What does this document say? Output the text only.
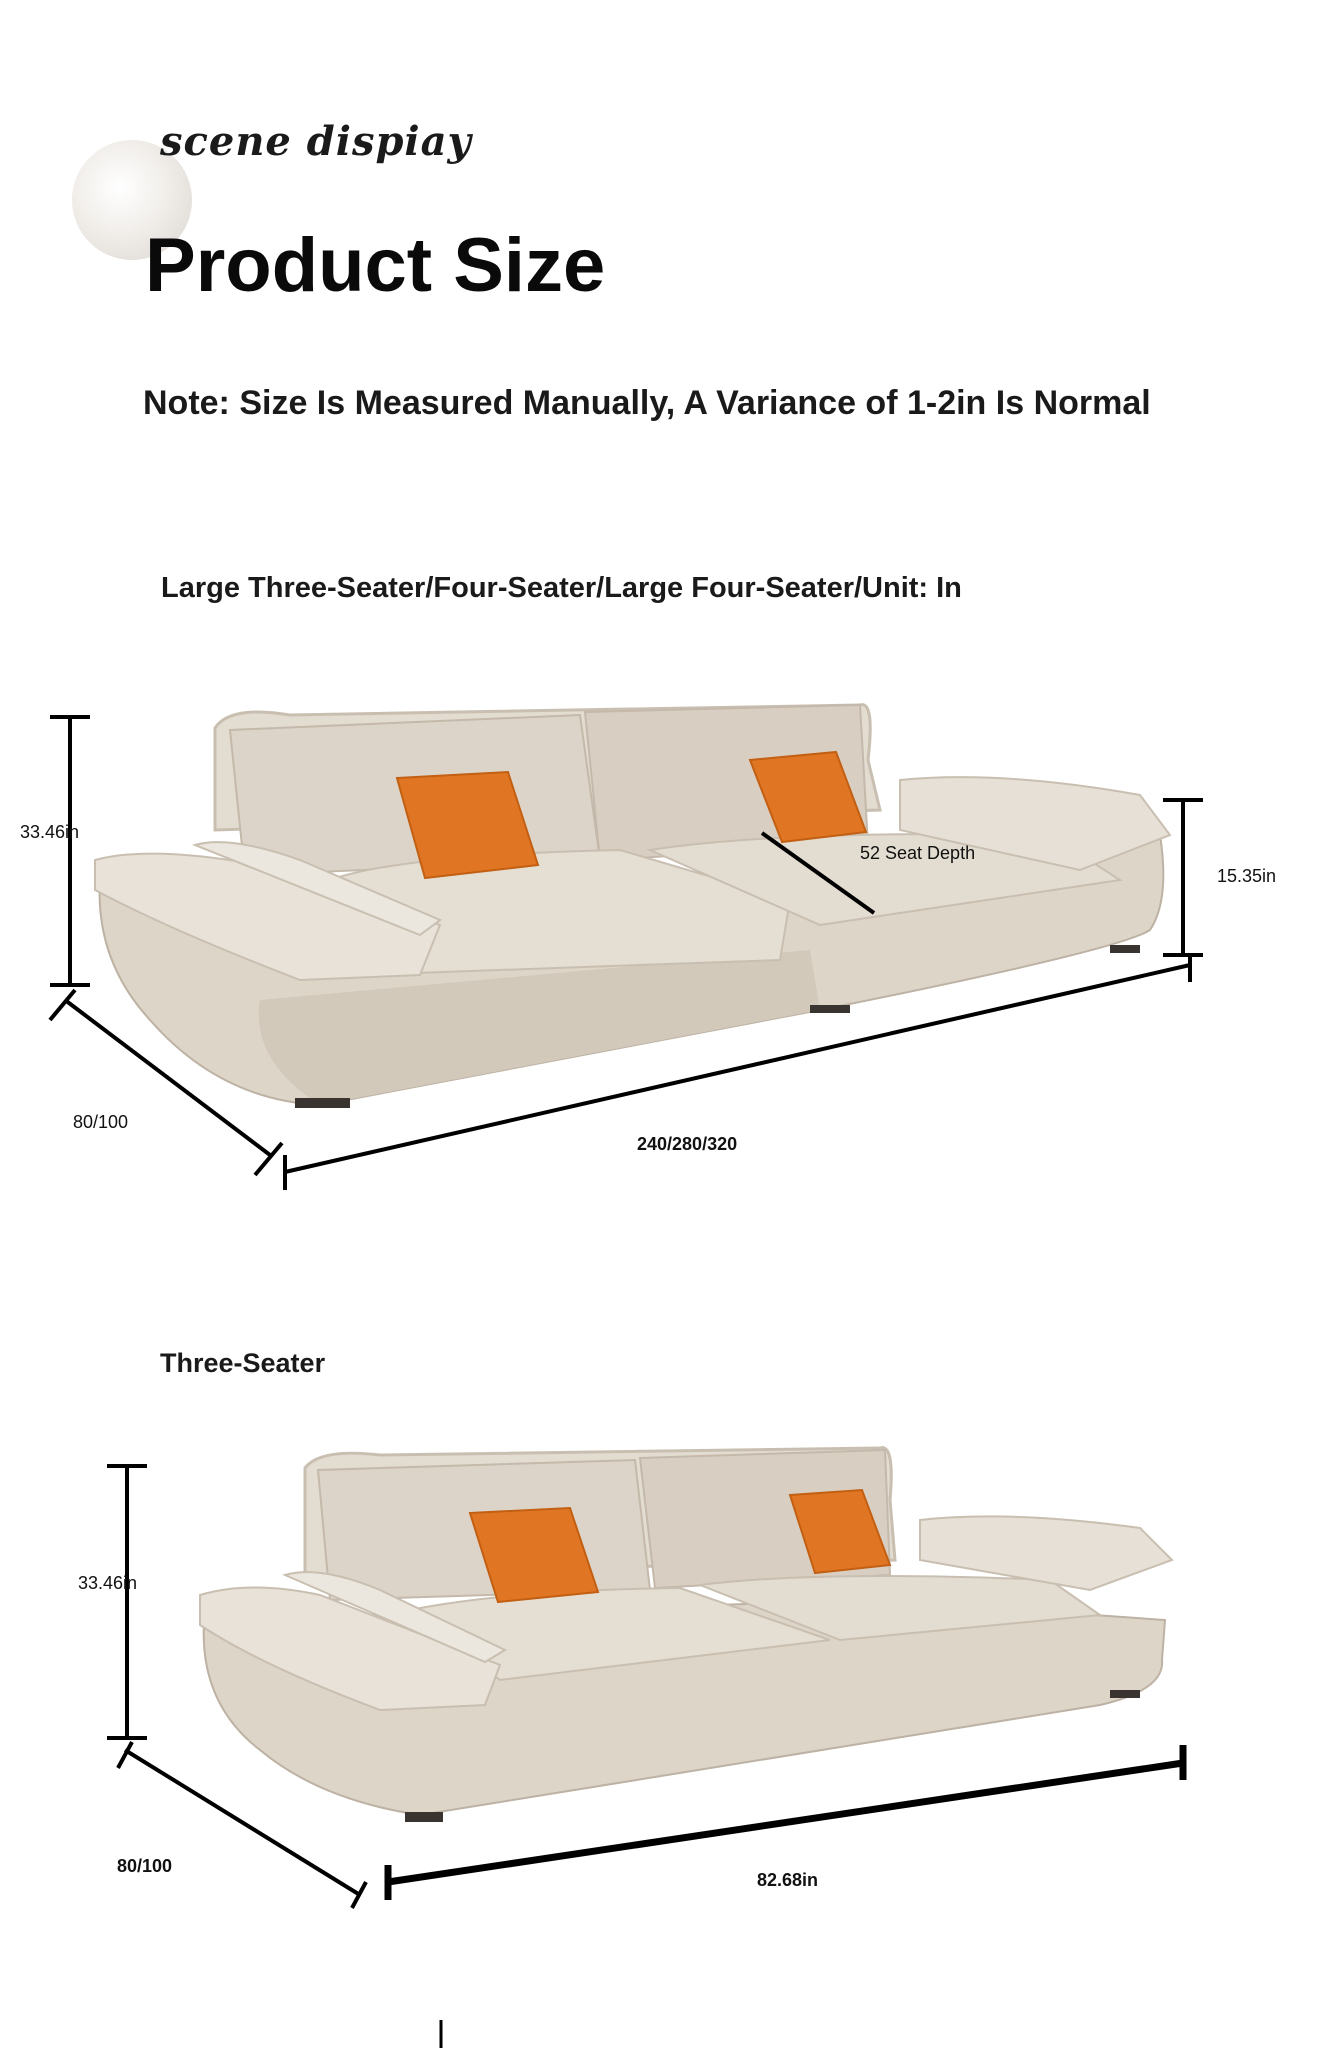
scene dispiay
Product Size
Note: Size Is Measured Manually, A Variance of 1-2in Is Normal
Large Three-Seater/Four-Seater/Large Four-Seater/Unit: In
33.46in
52 Seat Depth
15.35in
80/100
240/280/320
Three-Seater
33.46in
80/100
82.68in
